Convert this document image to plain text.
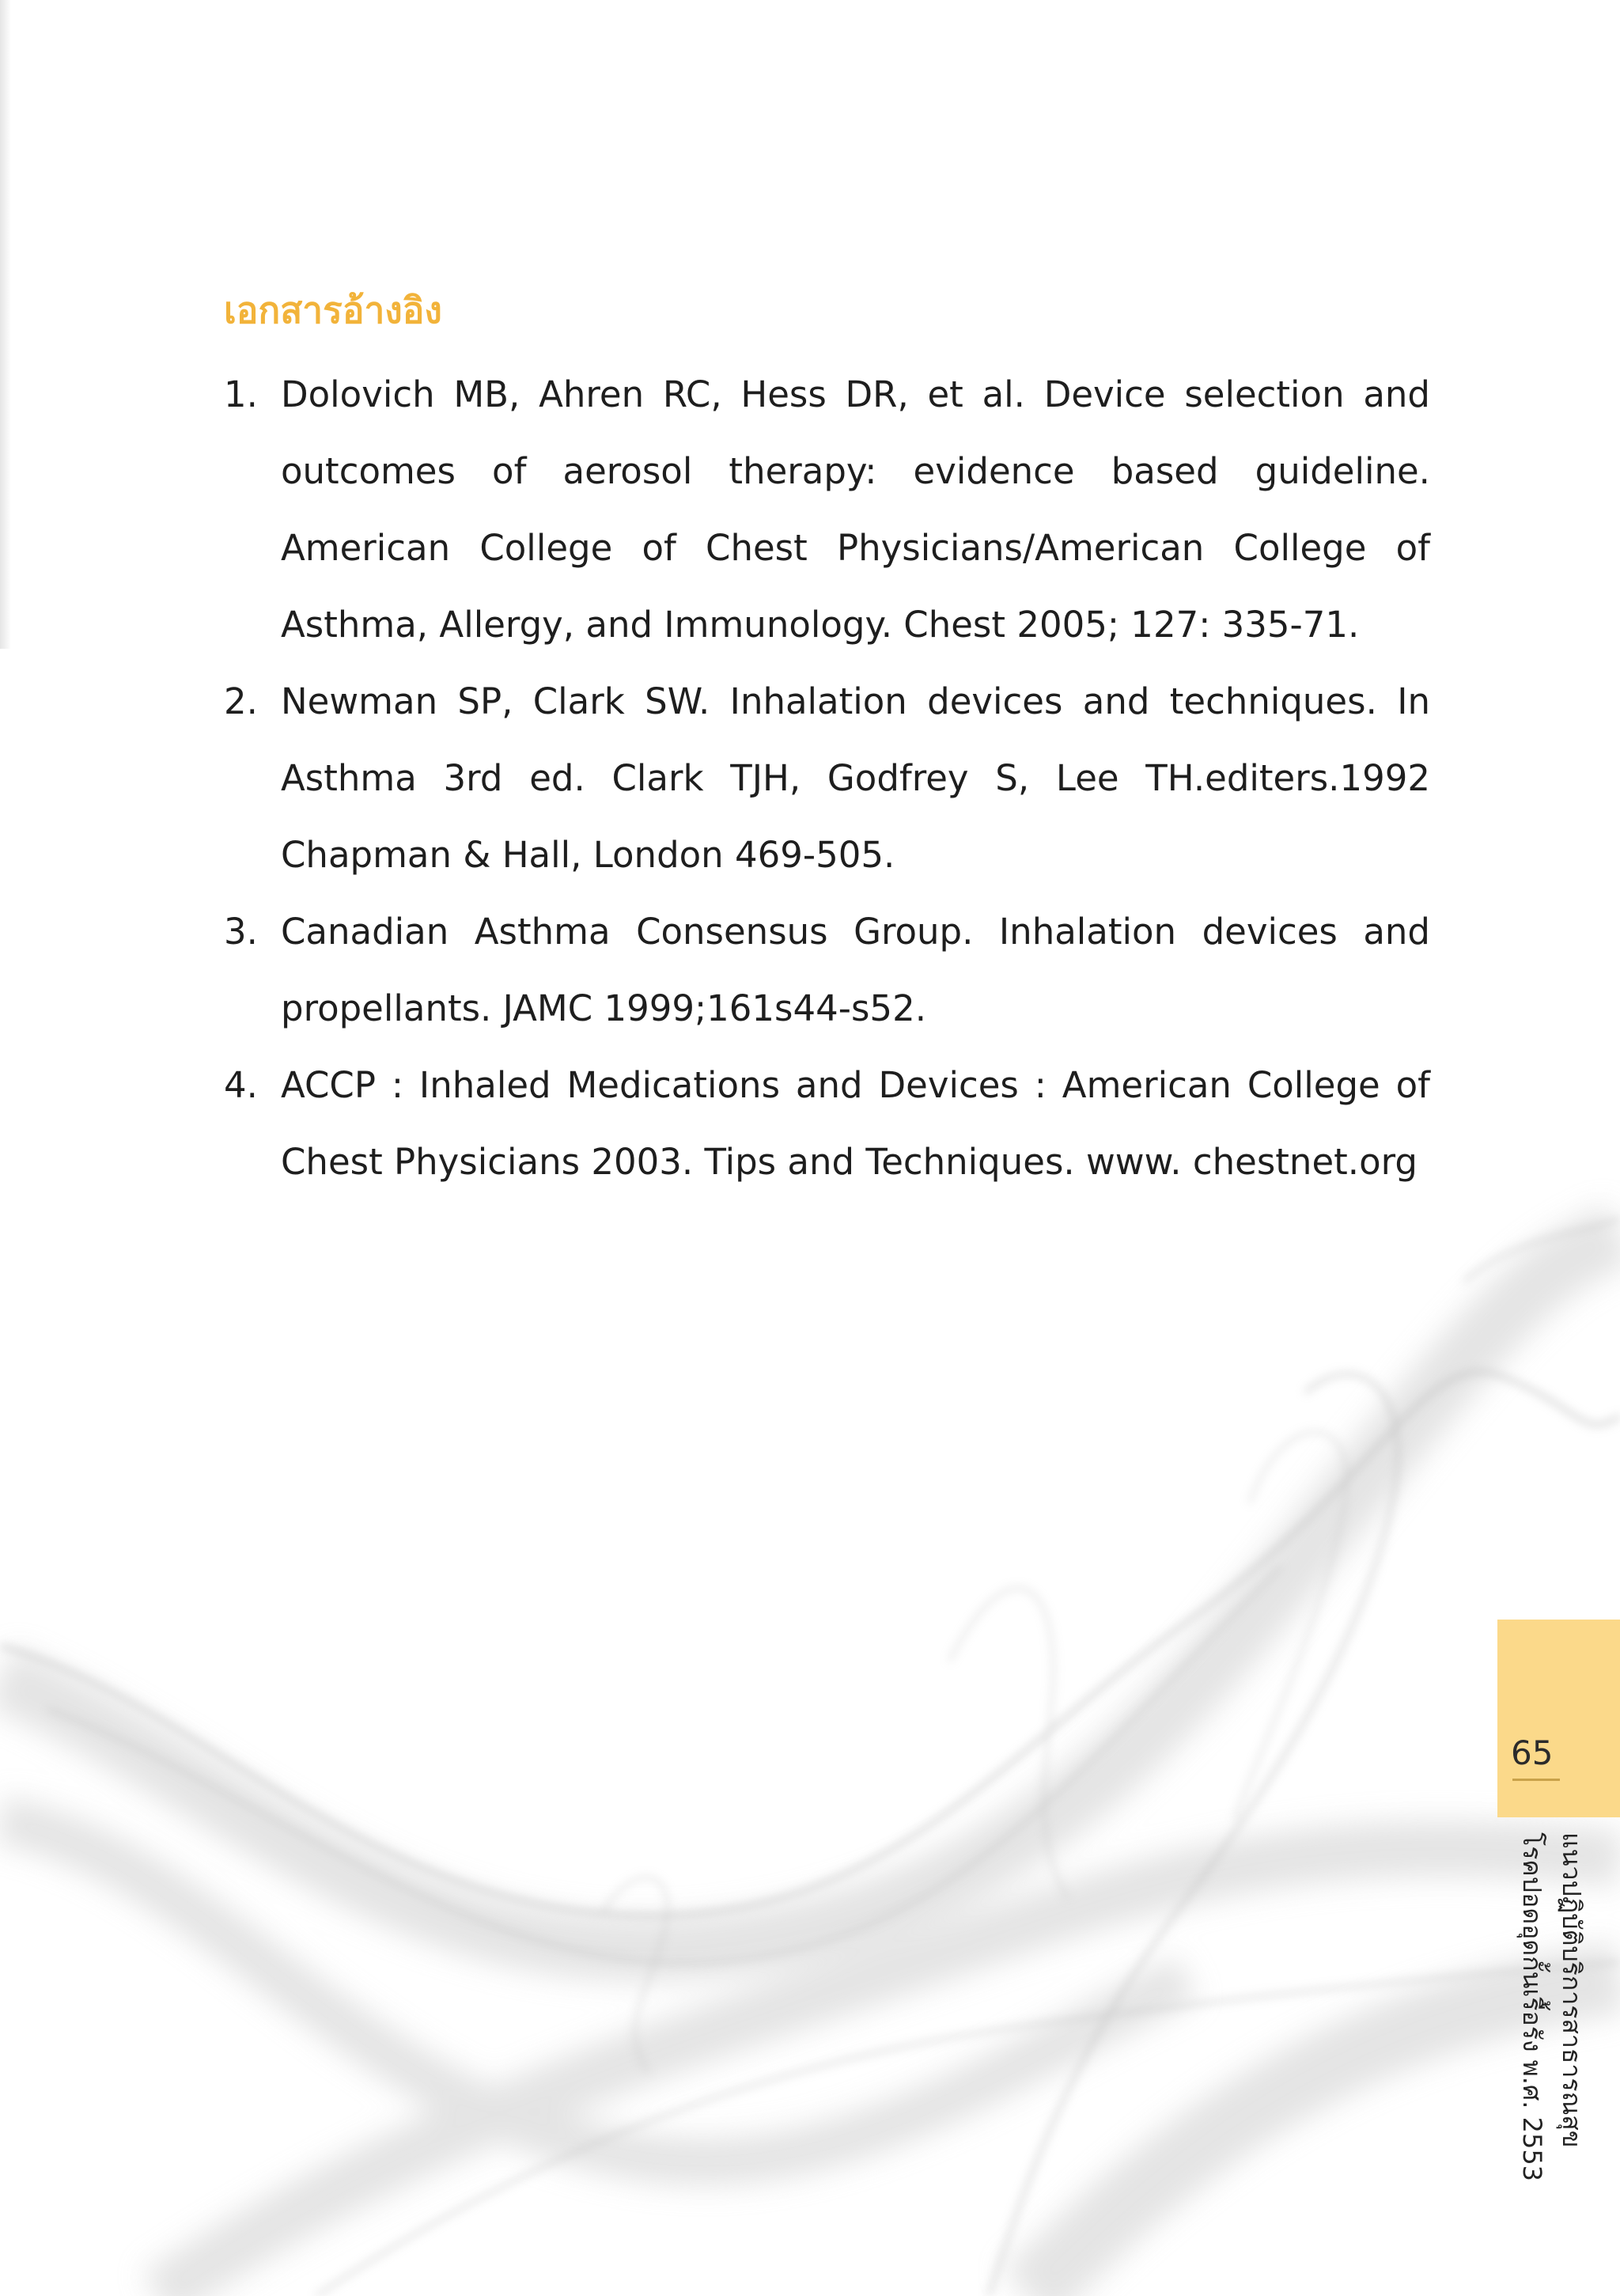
เอกสารอ้างอิง
1. Dolovich MB, Ahren RC, Hess DR, et al. Device selection and outcomes of aerosol therapy: evidence based guideline. American College of Chest Physicians/American College of Asthma, Allergy, and Immunology. Chest 2005; 127: 335-71.
2. Newman SP, Clark SW. Inhalation devices and techniques. In Asthma 3rd ed. Clark TJH, Godfrey S, Lee TH.editers.1992 Chapman & Hall, London 469-505.
3. Canadian Asthma Consensus Group. Inhalation devices and propellants. JAMC 1999;161s44-s52.
4. ACCP : Inhaled Medications and Devices : American College of Chest Physicians 2003. Tips and Techniques. www. chestnet.org
65
แนวปฏิบัติบริการสาธารณสุข
โรคปอดอุดกั้นเรื้อรัง พ.ศ. 2553
